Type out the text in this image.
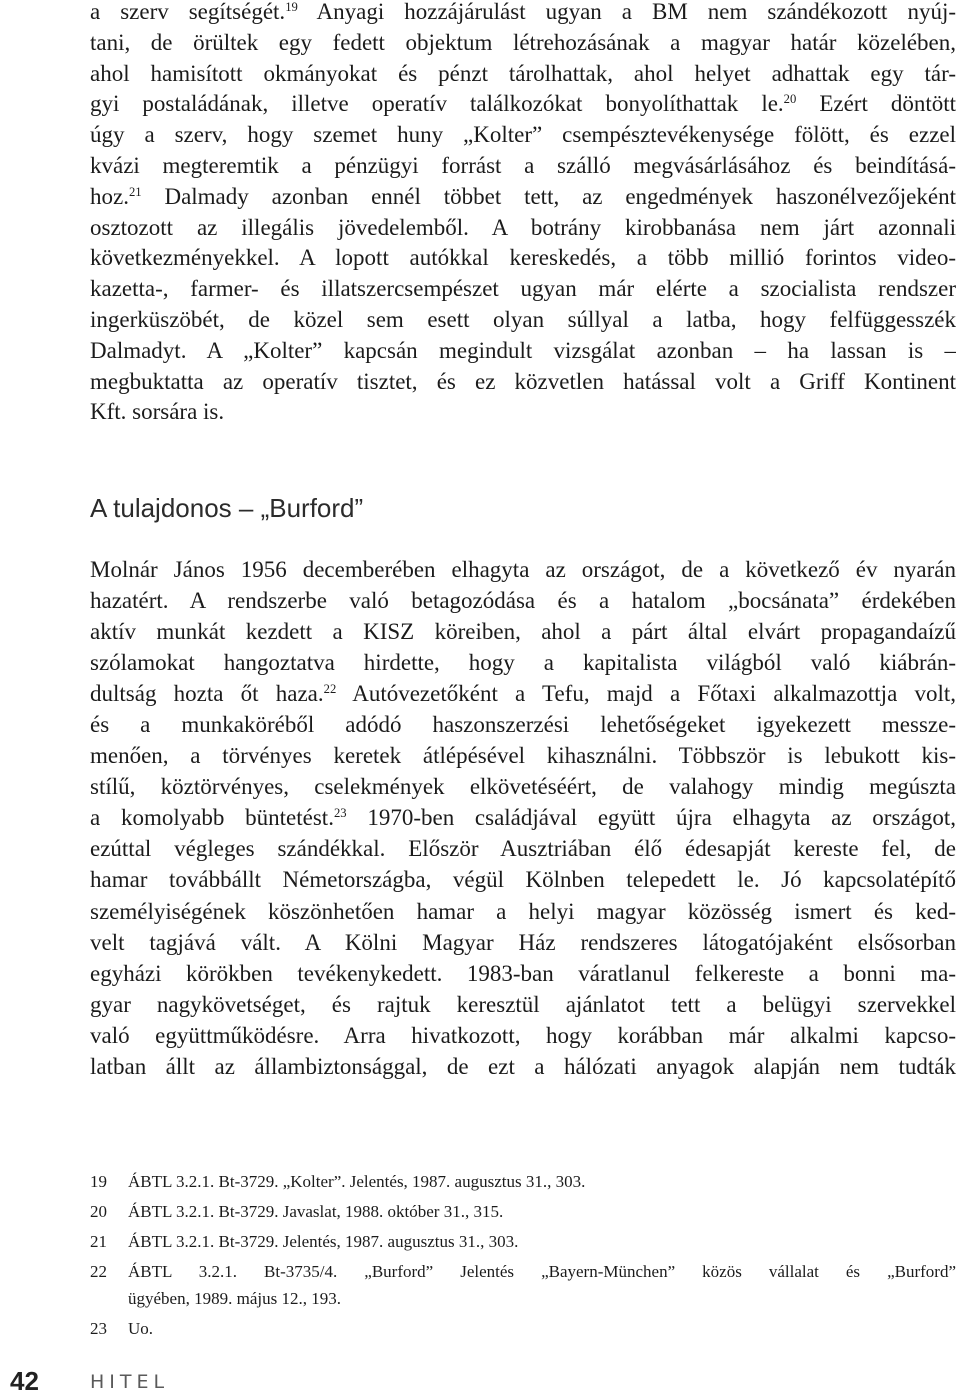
a szerv segítségét.$^{19}$ Anyagi hozzájárulást ugyan a BM nem szándékozott nyúj-
tani, de örültek egy fedett objektum létrehozásának a magyar határ közelében,
ahol hamisított okmányokat és pénzt tárolhattak, ahol helyet adhattak egy tár-
gyi postaládának, illetve operatív találkozókat bonyolíthattak le.$^{20}$ Ezért döntött
úgy a szerv, hogy szemet huny „Kolter” csempésztevékenysége fölött, és ezzel
kvázi megteremtik a pénzügyi forrást a szálló megvásárlásához és beindításá-
hoz.$^{21}$ Dalmady azonban ennél többet tett, az engedmények haszonélvezőjeként
osztozott az illegális jövedelemből. A botrány kirobbanása nem járt azonnali
következményekkel. A lopott autókkal kereskedés, a több millió forintos video-
kazetta-, farmer- és illatszercsempészet ugyan már elérte a szocialista rendszer
ingerküszöbét, de közel sem esett olyan súllyal a latba, hogy felfüggesszék
Dalmadyt. A „Kolter” kapcsán megindult vizsgálat azonban – ha lassan is –
megbuktatta az operatív tisztet, és ez közvetlen hatással volt a Griff Kontinent
Kft. sorsára is.
A tulajdonos – „Burford”
Molnár János 1956 decemberében elhagyta az országot, de a következő év nyarán
hazatért. A rendszerbe való betagozódása és a hatalom „bocsánata” érdekében
aktív munkát kezdett a KISZ köreiben, ahol a párt által elvárt propagandaízű
szólamokat hangoztatva hirdette, hogy a kapitalista világból való kiábrán-
dultság hozta őt haza.$^{22}$ Autóvezetőként a Tefu, majd a Főtaxi alkalmazottja volt,
és a munkaköréből adódó haszonszerzési lehetőségeket igyekezett messze-
menően, a törvényes keretek átlépésével kihasználni. Többször is lebukott kis-
stílű, köztörvényes, cselekmények elkövetéséért, de valahogy mindig megúszta
a komolyabb büntetést.$^{23}$ 1970-ben családjával együtt újra elhagyta az országot,
ezúttal végleges szándékkal. Először Ausztriában élő édesapját kereste fel, de
hamar továbbállt Németországba, végül Kölnben telepedett le. Jó kapcsolatépítő
személyiségének köszönhetően hamar a helyi magyar közösség ismert és ked-
velt tagjává vált. A Kölni Magyar Ház rendszeres látogatójaként elsősorban
egyházi körökben tevékenykedett. 1983-ban váratlanul felkereste a bonni ma-
gyar nagykövetséget, és rajtuk keresztül ajánlatot tett a belügyi szervekkel
való együttműködésre. Arra hivatkozott, hogy korábban már alkalmi kapcso-
latban állt az állambiztonsággal, de ezt a hálózati anyagok alapján nem tudták
19	ÁBTL 3.2.1. Bt-3729. „Kolter”. Jelentés, 1987. augusztus 31., 303.
20	ÁBTL 3.2.1. Bt-3729. Javaslat, 1988. október 31., 315.
21	ÁBTL 3.2.1. Bt-3729. Jelentés, 1987. augusztus 31., 303.
22	ÁBTL 3.2.1. Bt-3735/4. „Burford” Jelentés „Bayern-München” közös vállalat és „Burford”
ügyében, 1989. május 12., 193.
23	Uo.
42	HITEL
